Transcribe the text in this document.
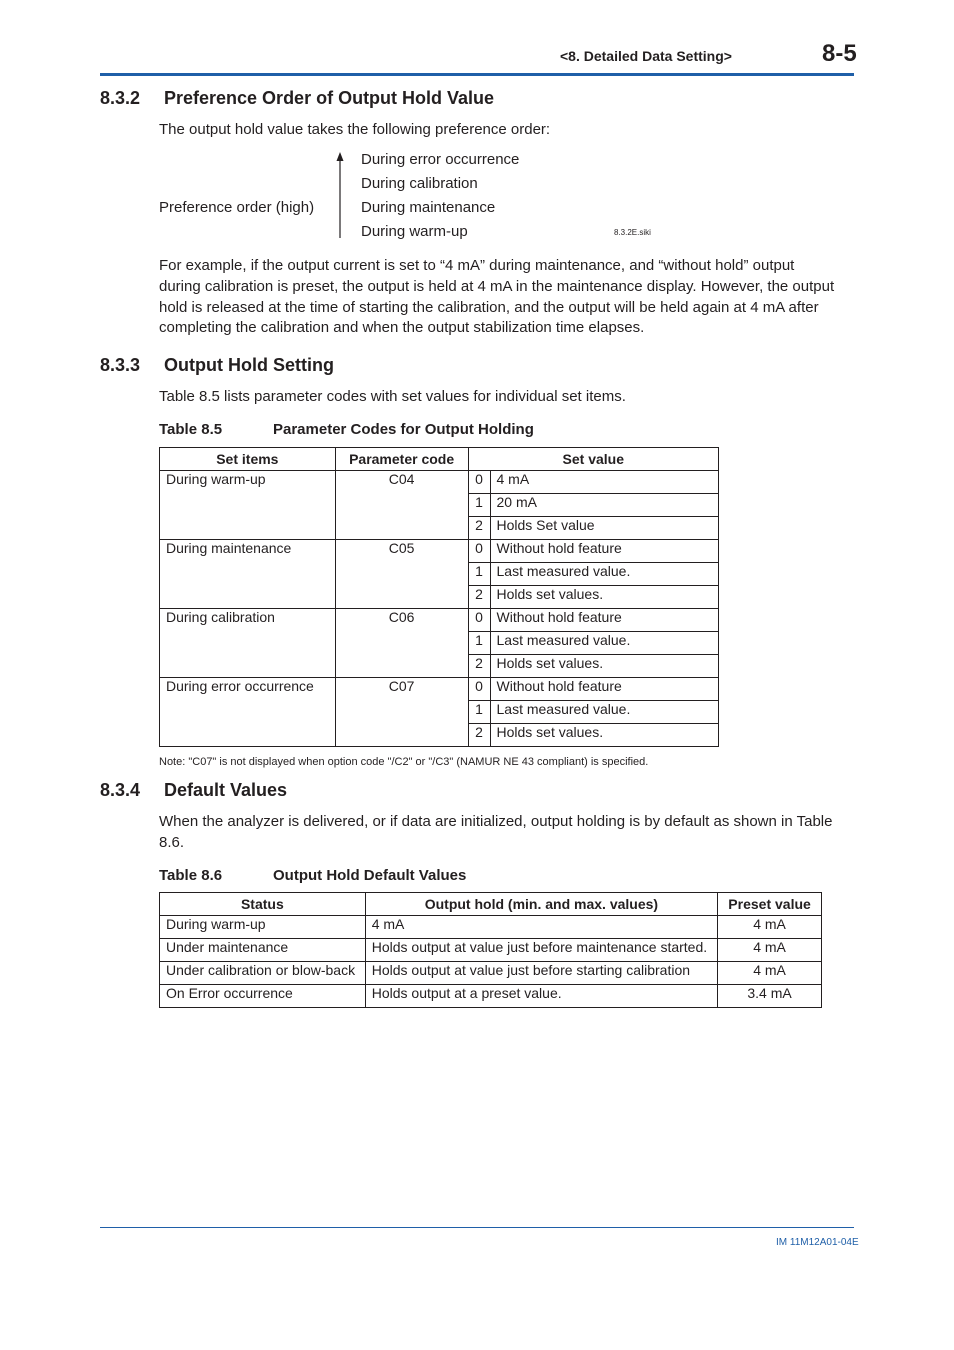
<8. Detailed Data Setting>	8-5
8.3.2 Preference Order of Output Hold Value
The output hold value takes the following preference order:
Preference order (high)
During error occurrence
During calibration
During maintenance
During warm-up	8.3.2E.siki
For example, if the output current is set to “4 mA” during maintenance, and “without hold” output
during calibration is preset, the output is held at 4 mA in the maintenance display. However, the output
hold is released at the time of starting the calibration, and the output will be held again at 4 mA after
completing the calibration and when the output stabilization time elapses.
8.3.3 Output Hold Setting
Table 8.5 lists parameter codes with set values for individual set items.
Table 8.5	Parameter Codes for Output Holding
Set items	Parameter code	Set value	
During warm-up	C04	0	4 mA
		1	20 mA
		2	Holds Set value
During maintenance	C05	0	Without hold feature
		1	Last measured value.
		2	Holds set values.
During calibration	C06	0	Without hold feature
		1	Last measured value.
		2	Holds set values.
During error occurrence	C07	0	Without hold feature
		1	Last measured value.
		2	Holds set values.
Note: "C07" is not displayed when option code "/C2" or "/C3" (NAMUR NE 43 compliant) is specified.
8.3.4 Default Values
When the analyzer is delivered, or if data are initialized, output holding is by default as shown in Table
8.6.
Table 8.6	Output Hold Default Values
Status	Output hold (min. and max. values)	Preset value
During warm-up	4 mA	4 mA
Under maintenance	Holds output at value just before maintenance started.	4 mA
Under calibration or blow-back	Holds output at value just before starting calibration	4 mA
On Error occurrence	Holds output at a preset value.	3.4 mA
IM 11M12A01-04E
